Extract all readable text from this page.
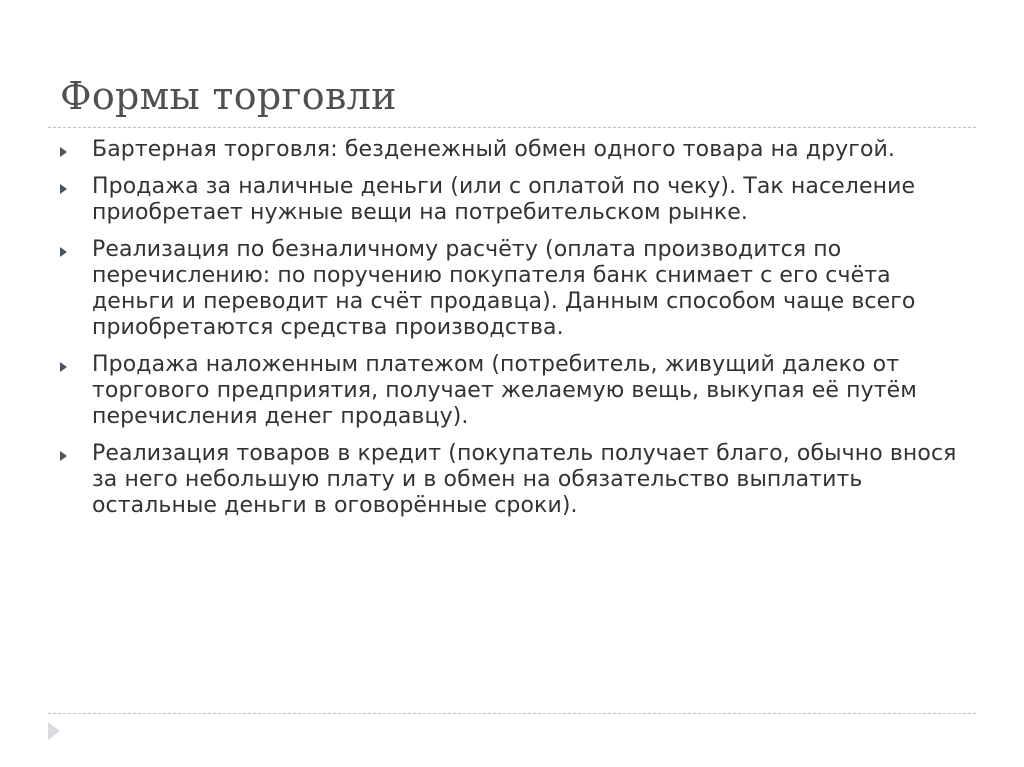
Формы торговли
Бартерная торговля: безденежный обмен одного товара на другой.
Продажа за наличные деньги (или с оплатой по чеку). Так население приобретает нужные вещи на потребительском рынке.
Реализация по безналичному расчёту (оплата производится по перечислению: по поручению покупателя банк снимает с его счёта деньги и переводит на счёт продавца). Данным способом чаще всего приобретаются средства производства.
Продажа наложенным платежом (потребитель, живущий далеко от торгового предприятия, получает желаемую вещь, выкупая её путём перечисления денег продавцу).
Реализация товаров в кредит (покупатель получает благо, обычно внося за него небольшую плату и в обмен на обязательство выплатить остальные деньги в оговорённые сроки).
